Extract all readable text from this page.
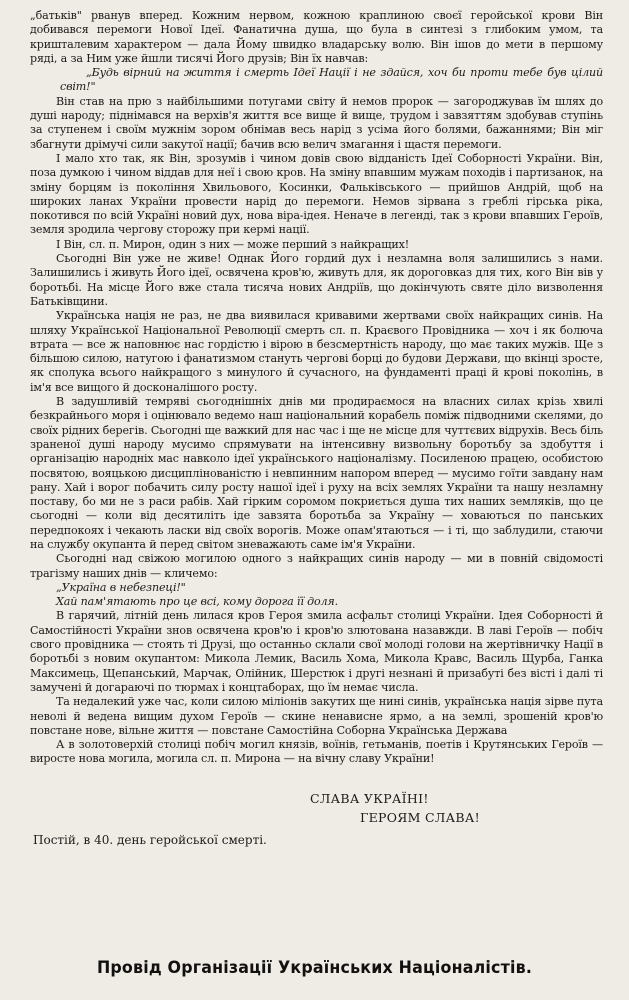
„батьків" рванув вперед. Кожним нервом, кожною краплиною своєї геройської крови Він добивався перемоги Нової Ідеї. Фанатична душа, що була в синтезі з глибоким умом, та кришталевим характером — дала Йому швидко владарську волю. Він ішов до мети в першому ряді, а за Ним уже йшли тисячі Його друзів; Він їх навчав:

„Будь вірний на життя і смерть Ідеї Нації і не здайся, хоч би проти тебе був цілий світ!"

Він став на прю з найбільшими потугами світу й немов пророк — загороджував їм шлях до душі народу; піднімався на верхів'я життя все вище й вище, трудом і завзяттям здобував ступінь за ступенем і своїм мужнім зором обнімав весь нарід з усіма його болями, бажаннями; Він міг збагнути дрімучі сили закутої нації; бачив всю велич змагання і щастя перемоги.

І мало хто так, як Він, зрозумів і чином довів свою відданість Ідеї Соборності України. Він, поза думкою і чином віддав для неї і свою кров. На зміну впавшим мужам походів і партизанок, на зміну борцям із покоління Хвильового, Косинки, Фальківського — прийшов Андрій, щоб на широких ланах України провести нарід до перемоги. Немов зірвана з греблі гірська ріка, покотився по всій Україні новий дух, нова віра-ідея. Неначе в легенді, так з крови впавших Героїв, земля зродила чергову сторожу при кермі нації.

І Він, сл. п. Мирон, один з них — може перший з найкращих!

Сьогодні Він уже не живе! Однак Його гордий дух і незламна воля залишились з нами. Залишились і живуть Його ідеї, освячена кров'ю, живуть для, як дороговказ для тих, кого Він вів у боротьбі. На місце Його вже стала тисяча нових Андріїв, що докінчують святе діло визволення Батьківщини.

Українська нація не раз, не два виявилася кривавими жертвами своїх найкращих синів. На шляху Української Національної Революції смерть сл. п. Краєвого Провідника — хоч і як болюча втрата — все ж наповнює нас гордістю і вірою в безсмертність народу, що має таких мужів. Ще з більшою силою, натугою і фанатизмом стануть чергові борці до будови Держави, що вкінці зросте, як сполука всього найкращого з минулого й сучасного, на фундаменті праці й крові поколінь, в ім'я все вищого й досконалішого росту.

В задушливій темряві сьогоднішніх днів ми продираємося на власних силах крізь хвилі безкрайнього моря і оцінювало ведемо наш національний корабель поміж підводними скелями, до своїх рідних берегів. Сьогодні ще важкий для нас час і ще не місце для чуттєвих відрухів. Весь біль зраненої душі народу мусимо спрямувати на інтенсивну визвольну боротьбу за здобуття і організацію народніх мас навколо ідеї українського націоналізму. Посиленою працею, особистою посвятою, вояцькою дисциплінованістю і невпинним напором вперед — мусимо гоїти завдану нам рану. Хай і ворог побачить силу росту нашої ідеї і руху на всіх землях України та нашу незламну поставу, бо ми не з раси рабів. Хай гірким соромом покриється душа тих наших земляків, що це сьогодні — коли від десятиліть іде завзята боротьба за Україну — ховаються по панських передпокоях і чекають ласки від своїх ворогів. Може опам'ятаються — і ті, що заблудили, стаючи на службу окупанта й перед світом зневажають саме ім'я України.

Сьогодні над свіжою могилою одного з найкращих синів народу — ми в повній свідомості трагізму наших днів — кличемо:

„Україна в небезпеці!"

Хай пам'ятають про це всі, кому дорога її доля.

В гарячий, літній день лилася кров Героя змила асфальт столиці України. Ідея Соборності й Самостійності України знов освячена кров'ю і кров'ю злютована назавжди. В лаві Героїв — побіч свого провідника — стоять ті Друзі, що останньо склали свої молоді голови на жертівничку Нації в боротьбі з новим окупантом: Микола Лемик, Василь Хома, Микола Кравс, Василь Щурба, Ганка Максимець, Щепанський, Марчак, Олійник, Шерстюк і другі незнані й призабуті без вісті і далі ті замучені й догараючі по тюрмах і концтаборах, що їм немає числа.

Та недалекий уже час, коли силою міліонів закутих ще нині синів, українська нація зірве пута неволі й ведена вищим духом Героїв — скине ненависне ярмо, а на землі, зрошеній кров'ю повстане нове, вільне життя — повстане Самостійна Соборна Українська Держава

А в золотоверхій столиці побіч могил князів, воїнів, гетьманів, поетів і Крутянських Героїв — виросте нова могила, могила сл. п. Мирона — на вічну славу України!

СЛАВА УКРАЇНІ!
ГЕРОЯМ СЛАВА!
Постій, в 40. день геройської смерті.
Провід Організації Українських Націоналістів.
